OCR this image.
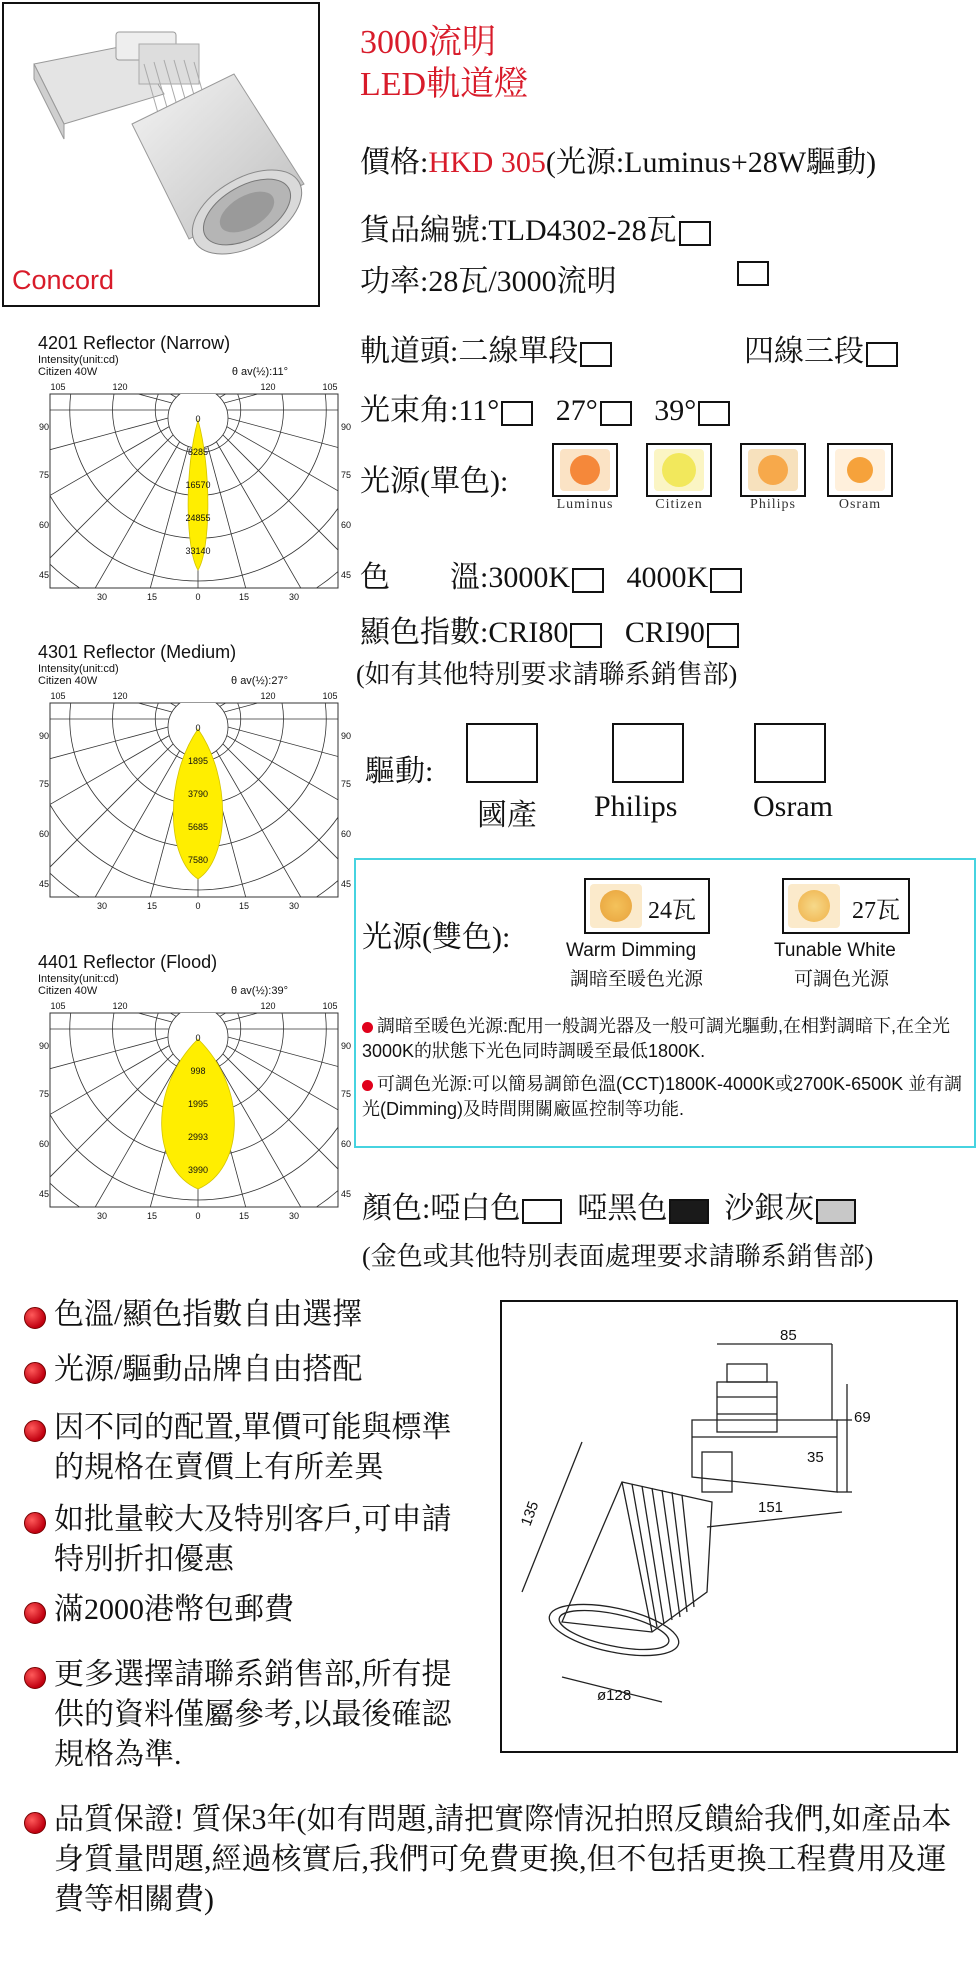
Concord
3000流明
LED軌道燈
價格:HKD 305(光源:Luminus+28W驅動)
貨品編號:TLD4302-28瓦
功率:28瓦/3000流明
軌道頭:二線單段	四線三段
光束角:11° 27° 39°
光源(單色):
Luminus	Citizen	Philips	Osram
色　　溫:3000K 4000K
顯色指數:CRI80 CRI90
(如有其他特別要求請聯系銷售部)
驅動:
國產 Philips	Osram
光源(雙色):
24瓦
Warm Dimming
調暗至暖色光源
27瓦
Tunable White
可調色光源
調暗至暖色光源:配用一般調光器及一般可調光驅動,在相對調暗下,在全光3000K的狀態下光色同時調暖至最低1800K.
可調色光源:可以簡易調節色溫(CCT)1800K-4000K或2700K-6500K 並有調光(Dimming)及時間開關廠區控制等功能.
顏色:啞白色 啞黑色 沙銀灰
(金色或其他特別表面處理要求請聯系銷售部)
色溫/顯色指數自由選擇
光源/驅動品牌自由搭配
因不同的配置,單價可能與標準的規格在賣價上有所差異
如批量較大及特別客戶,可申請特別折扣優惠
滿2000港幣包郵費
更多選擇請聯系銷售部,所有提供的資料僅屬參考,以最後確認規格為準.
品質保證! 質保3年(如有問題,請把實際情況拍照反饋給我們,如產品本身質量問題,經過核實后,我們可免費更換,但不包括更換工程費用及運費等相關費)
85
69
35
151
135
ø128
4201 Reflector (Narrow)
Intensity(unit:cd)
Citizen 40W	θ av(½):11°
0
8285
16570
24855
33140
105	120	120	105
90	90
75	75
60	60
45	45
30	15	0	15	30
4301 Reflector (Medium)
Intensity(unit:cd)
Citizen 40W	θ av(½):27°
0
1895
3790
5685
7580
105	120	120	105
90	90
75	75
60	60
45	45
30	15	0	15	30
4401 Reflector (Flood)
Intensity(unit:cd)
Citizen 40W	θ av(½):39°
0
998
1995
2993
3990
105	120	120	105
90	90
75	75
60	60
45	45
30	15	0	15	30
